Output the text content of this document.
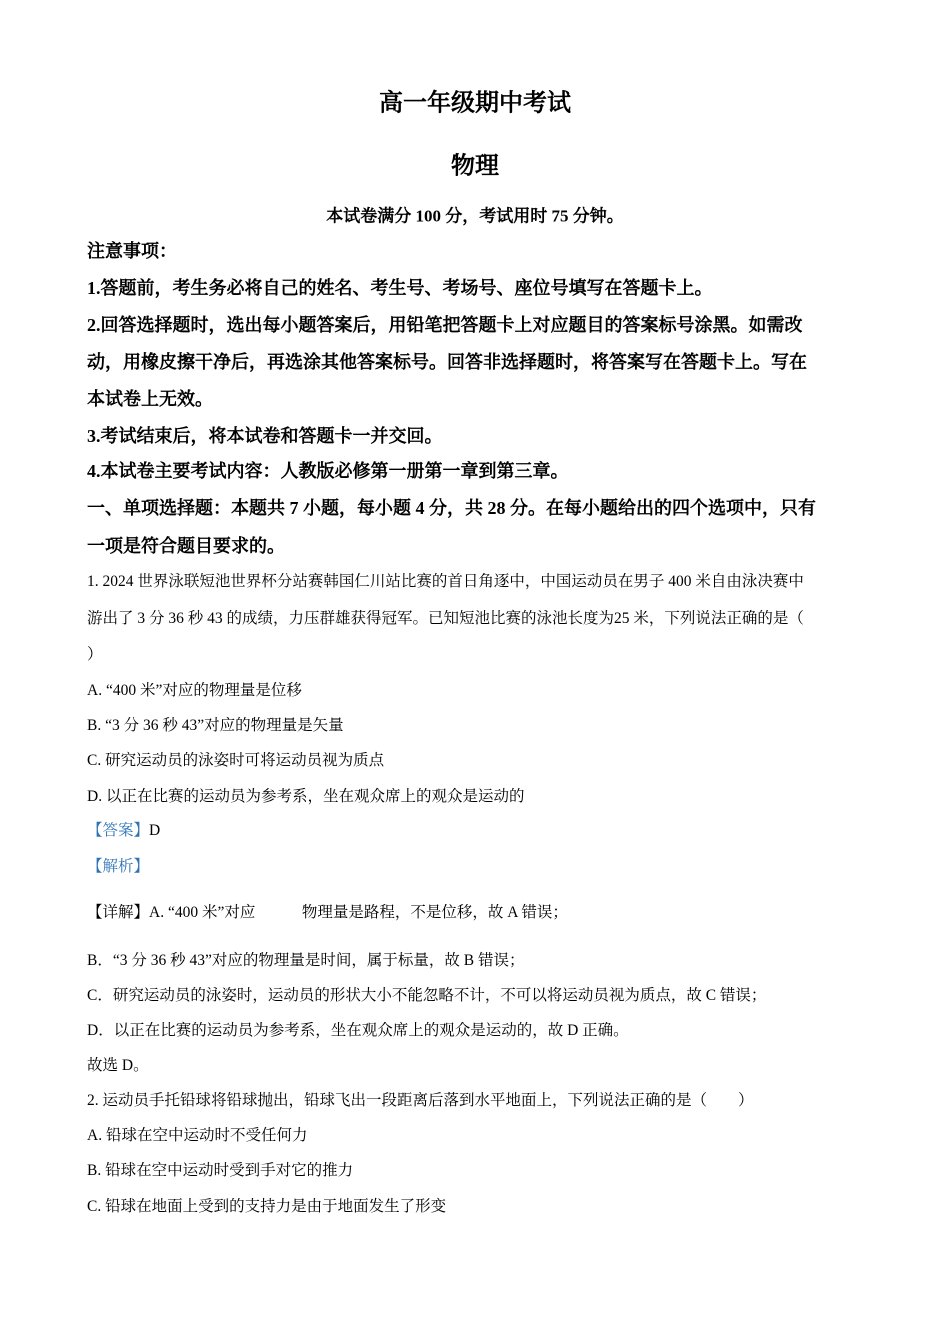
高一年级期中考试
物理
本试卷满分 100 分，考试用时 75 分钟。
注意事项：
1.答题前，考生务必将自己的姓名、考生号、考场号、座位号填写在答题卡上。
2.回答选择题时，选出每小题答案后，用铅笔把答题卡上对应题目的答案标号涂黑。如需改
动，用橡皮擦干净后，再选涂其他答案标号。回答非选择题时，将答案写在答题卡上。写在
本试卷上无效。
3.考试结束后，将本试卷和答题卡一并交回。
4.本试卷主要考试内容：人教版必修第一册第一章到第三章。
一、单项选择题：本题共 7 小题，每小题 4 分，共 28 分。在每小题给出的四个选项中，只有
一项是符合题目要求的。
1. 2024 世界泳联短池世界杯分站赛韩国仁川站比赛的首日角逐中，中国运动员在男子 400 米自由泳决赛中
游出了 3 分 36 秒 43 的成绩，力压群雄获得冠军。已知短池比赛的泳池长度为25 米，下列说法正确的是（
）
A. “400 米”对应的物理量是位移
B. “3 分 36 秒 43”对应的物理量是矢量
C. 研究运动员的泳姿时可将运动员视为质点
D. 以正在比赛的运动员为参考系，坐在观众席上的观众是运动的
【答案】D
【解析】
【详解】A. “400 米”对应　　　物理量是路程，不是位移，故 A 错误；
B．“3 分 36 秒 43”对应的物理量是时间，属于标量，故 B 错误；
C．研究运动员的泳姿时，运动员的形状大小不能忽略不计，不可以将运动员视为质点，故 C 错误；
D．以正在比赛的运动员为参考系，坐在观众席上的观众是运动的，故 D 正确。
故选 D。
2. 运动员手托铅球将铅球抛出，铅球飞出一段距离后落到水平地面上，下列说法正确的是（　　）
A. 铅球在空中运动时不受任何力
B. 铅球在空中运动时受到手对它的推力
C. 铅球在地面上受到的支持力是由于地面发生了形变
